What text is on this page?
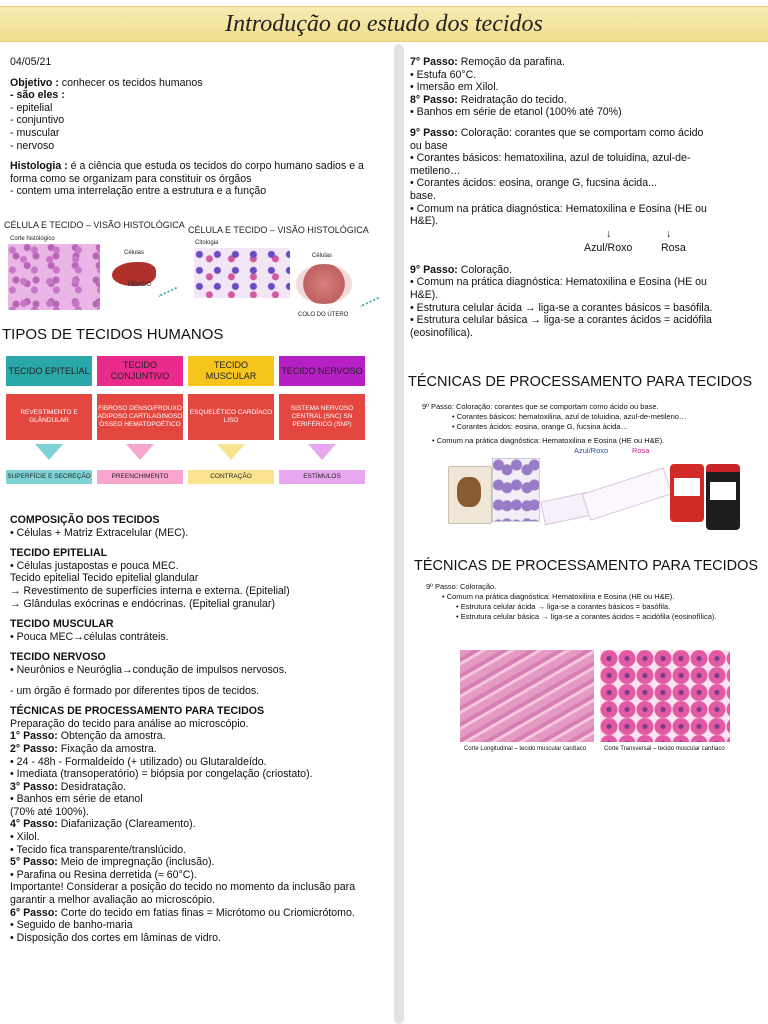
Introdução ao estudo dos tecidos
04/05/21
Objetivo : conhecer os tecidos humanos
- são eles :
- epitelial
- conjuntivo
- muscular
- nervoso
Histologia : é a ciência que estuda os tecidos do corpo humano sadios e a
forma como se organizam para constituir os órgãos
- contem uma interrelação entre a estrutura e a função
CÉLULA E TECIDO – VISÃO HISTOLÓGICA CÉLULA E TECIDO – VISÃO HISTOLÓGICA
Corte histológico
Células
FÍGADO
Citologia
Células
COLO DO ÚTERO
TIPOS DE TECIDOS HUMANOS
TECIDO EPITELIAL
REVESTIMENTO E GLÂNDULAR
SUPERFÍCIE E SECREÇÃO
TECIDO CONJUNTIVO
FIBROSO DENSO/FROUXO ADIPOSO CARTILAGINOSO OSSEO HEMATOPOÉTICO
PREENCHIMENTO
TECIDO MUSCULAR
ESQUELÉTICO CARDÍACO LISO
CONTRAÇÃO
TECIDO NERVOSO
SISTEMA NERVOSO CENTRAL (SNC) SN PERIFÉRICO (SNP)
ESTÍMULOS
COMPOSIÇÃO DOS TECIDOS
• Células + Matriz Extracelular (MEC).
TECIDO EPITELIAL
• Células justapostas e pouca MEC.
Tecido epitelial Tecido epitelial glandular
→ Revestimento de superfícies interna e externa. (Epitelial)
→ Glândulas exócrinas e endócrinas. (Epitelial granular)
TECIDO MUSCULAR
• Pouca MEC→células contráteis.
TECIDO NERVOSO
• Neurônios e Neuróglia→condução de impulsos nervosos.
- um órgão é formado por diferentes tipos de tecidos.
TÉCNICAS DE PROCESSAMENTO PARA TECIDOS
Preparação do tecido para análise ao microscópio.
1° Passo: Obtenção da amostra.
2° Passo: Fixação da amostra.
• 24 - 48h - Formaldeído (+ utilizado) ou Glutaraldeído.
• Imediata (transoperatório) = biópsia por congelação (criostato).
3° Passo: Desidratação.
• Banhos em série de etanol
(70% até 100%).
4° Passo: Diafanização (Clareamento).
• Xilol.
• Tecido fica transparente/translúcido.
5° Passo: Meio de impregnação (inclusão).
• Parafina ou Resina derretida (≈ 60°C).
Importante! Considerar a posição do tecido no momento da inclusão para
garantir a melhor avaliação ao microscópio.
6° Passo: Corte do tecido em fatias finas = Micrótomo ou Criomicrótomo.
• Seguido de banho-maria
• Disposição dos cortes em lâminas de vidro.
7° Passo: Remoção da parafina.
• Estufa 60°C.
• Imersão em Xilol.
8° Passo: Reidratação do tecido.
• Banhos em série de etanol (100% até 70%)
9° Passo: Coloração: corantes que se comportam como ácido
ou base
• Corantes básicos: hematoxilina, azul de toluidina, azul-de-
metileno…
• Corantes ácidos: eosina, orange G, fucsina ácida...
base.
• Comum na prática diagnóstica: Hematoxilina e Eosina (HE ou
H&E).
↓	↓
Azul/Roxo	Rosa
9° Passo: Coloração.
• Comum na prática diagnóstica: Hematoxilina e Eosina (HE ou
H&E).
• Estrutura celular ácida → liga-se a corantes básicos = basófila.
• Estrutura celular básica → liga-se a corantes ácidos = acidófila
(eosinofílica).
TÉCNICAS DE PROCESSAMENTO PARA TECIDOS
9º Passo: Coloração: corantes que se comportam como ácido ou base.
• Corantes básicos: hematoxilina, azul de toluidina, azul-de-metileno…
• Corantes ácidos: eosina, orange G, fucsina ácida…
• Comum na prática diagnóstica: Hematoxilina e Eosina (HE ou H&E).
Azul/Roxo	Rosa
TÉCNICAS DE PROCESSAMENTO PARA TECIDOS
9º Passo: Coloração.
• Comum na prática diagnóstica: Hematoxilina e Eosina (HE ou H&E).
• Estrutura celular ácida → liga-se a corantes básicos = basófila.
• Estrutura celular básica → liga-se a corantes ácidos = acidófila (eosinofílica).
Corte Longitudinal – tecido muscular cardíaco	Corte Transversal – tecido muscular cardíaco
